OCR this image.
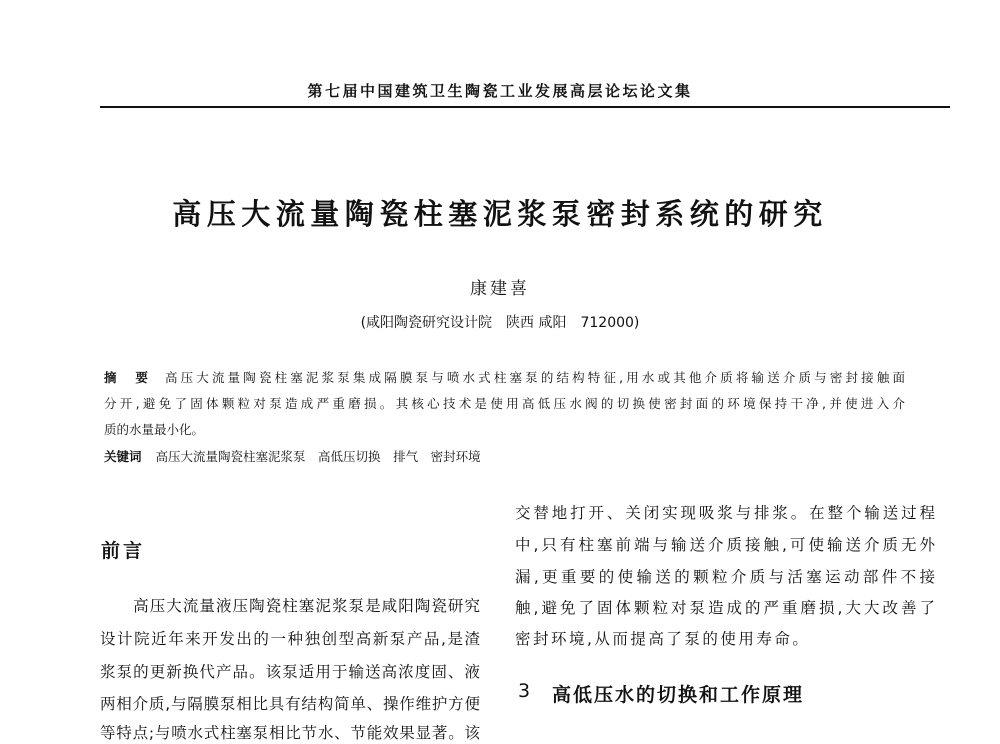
第七届中国建筑卫生陶瓷工业发展高层论坛论文集
高压大流量陶瓷柱塞泥浆泵密封系统的研究
康建喜
(咸阳陶瓷研究设计院　陕西 咸阳　712000)
摘　要 高压大流量陶瓷柱塞泥浆泵集成隔膜泵与喷水式柱塞泵的结构特征,用水或其他介质将输送介质与密封接触面
分开,避免了固体颗粒对泵造成严重磨损。其核心技术是使用高低压水阀的切换使密封面的环境保持干净,并使进入介
质的水量最小化。
关键词 高压大流量陶瓷柱塞泥浆泵　 高低压切换　 排气　 密封环境
前言
　　高压大流量液压陶瓷柱塞泥浆泵是咸阳陶瓷研究
设计院近年来开发出的一种独创型高新泵产品,是渣
浆泵的更新换代产品。该泵适用于输送高浓度固、液
两相介质,与隔膜泵相比具有结构简单、操作维护方便
等特点;与喷水式柱塞泵相比节水、节能效果显著。该
交替地打开、关闭实现吸浆与排浆。在整个输送过程
中,只有柱塞前端与输送介质接触,可使输送介质无外
漏,更重要的使输送的颗粒介质与活塞运动部件不接
触,避免了固体颗粒对泵造成的严重磨损,大大改善了
密封环境,从而提高了泵的使用寿命。
3 高低压水的切换和工作原理
